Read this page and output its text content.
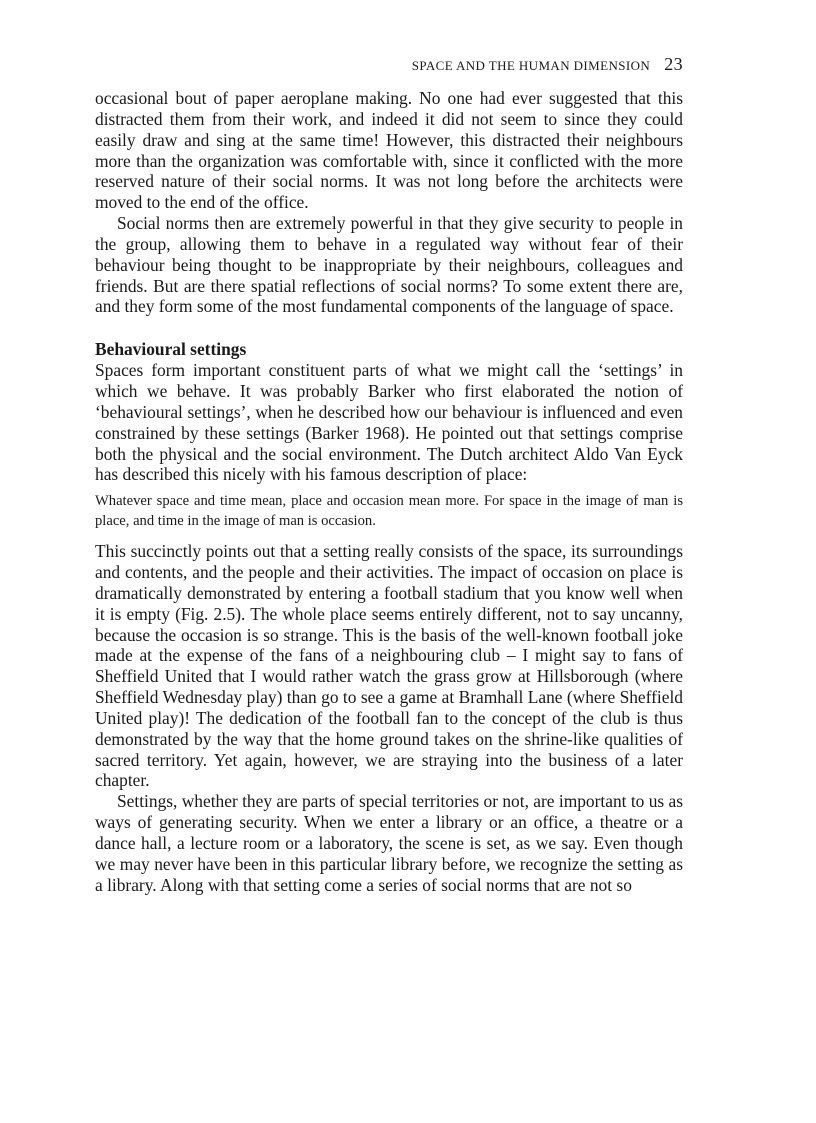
SPACE AND THE HUMAN DIMENSION 23

occasional bout of paper aeroplane making. No one had ever suggested that this distracted them from their work, and indeed it did not seem to since they could easily draw and sing at the same time! However, this distracted their neighbours more than the organization was comfortable with, since it conflicted with the more reserved nature of their social norms. It was not long before the architects were moved to the end of the office.

Social norms then are extremely powerful in that they give security to people in the group, allowing them to behave in a regulated way without fear of their behaviour being thought to be inappropriate by their neighbours, colleagues and friends. But are there spatial reflections of social norms? To some extent there are, and they form some of the most fundamental components of the language of space.

Behavioural settings

Spaces form important constituent parts of what we might call the ‘settings’ in which we behave. It was probably Barker who first elaborated the notion of ‘behavioural settings’, when he described how our behaviour is influenced and even constrained by these settings (Barker 1968). He pointed out that settings comprise both the physical and the social environment. The Dutch architect Aldo Van Eyck has described this nicely with his famous description of place:

Whatever space and time mean, place and occasion mean more. For space in the image of man is place, and time in the image of man is occasion.

This succinctly points out that a setting really consists of the space, its surroundings and contents, and the people and their activities. The impact of occasion on place is dramatically demonstrated by entering a football stadium that you know well when it is empty (Fig. 2.5). The whole place seems entirely different, not to say uncanny, because the occasion is so strange. This is the basis of the well-known football joke made at the expense of the fans of a neighbouring club – I might say to fans of Sheffield United that I would rather watch the grass grow at Hillsborough (where Sheffield Wednesday play) than go to see a game at Bramhall Lane (where Sheffield United play)! The dedication of the football fan to the concept of the club is thus demonstrated by the way that the home ground takes on the shrine-like qualities of sacred territory. Yet again, however, we are straying into the business of a later chapter.

Settings, whether they are parts of special territories or not, are important to us as ways of generating security. When we enter a library or an office, a theatre or a dance hall, a lecture room or a laboratory, the scene is set, as we say. Even though we may never have been in this particular library before, we recognize the setting as a library. Along with that setting come a series of social norms that are not so
